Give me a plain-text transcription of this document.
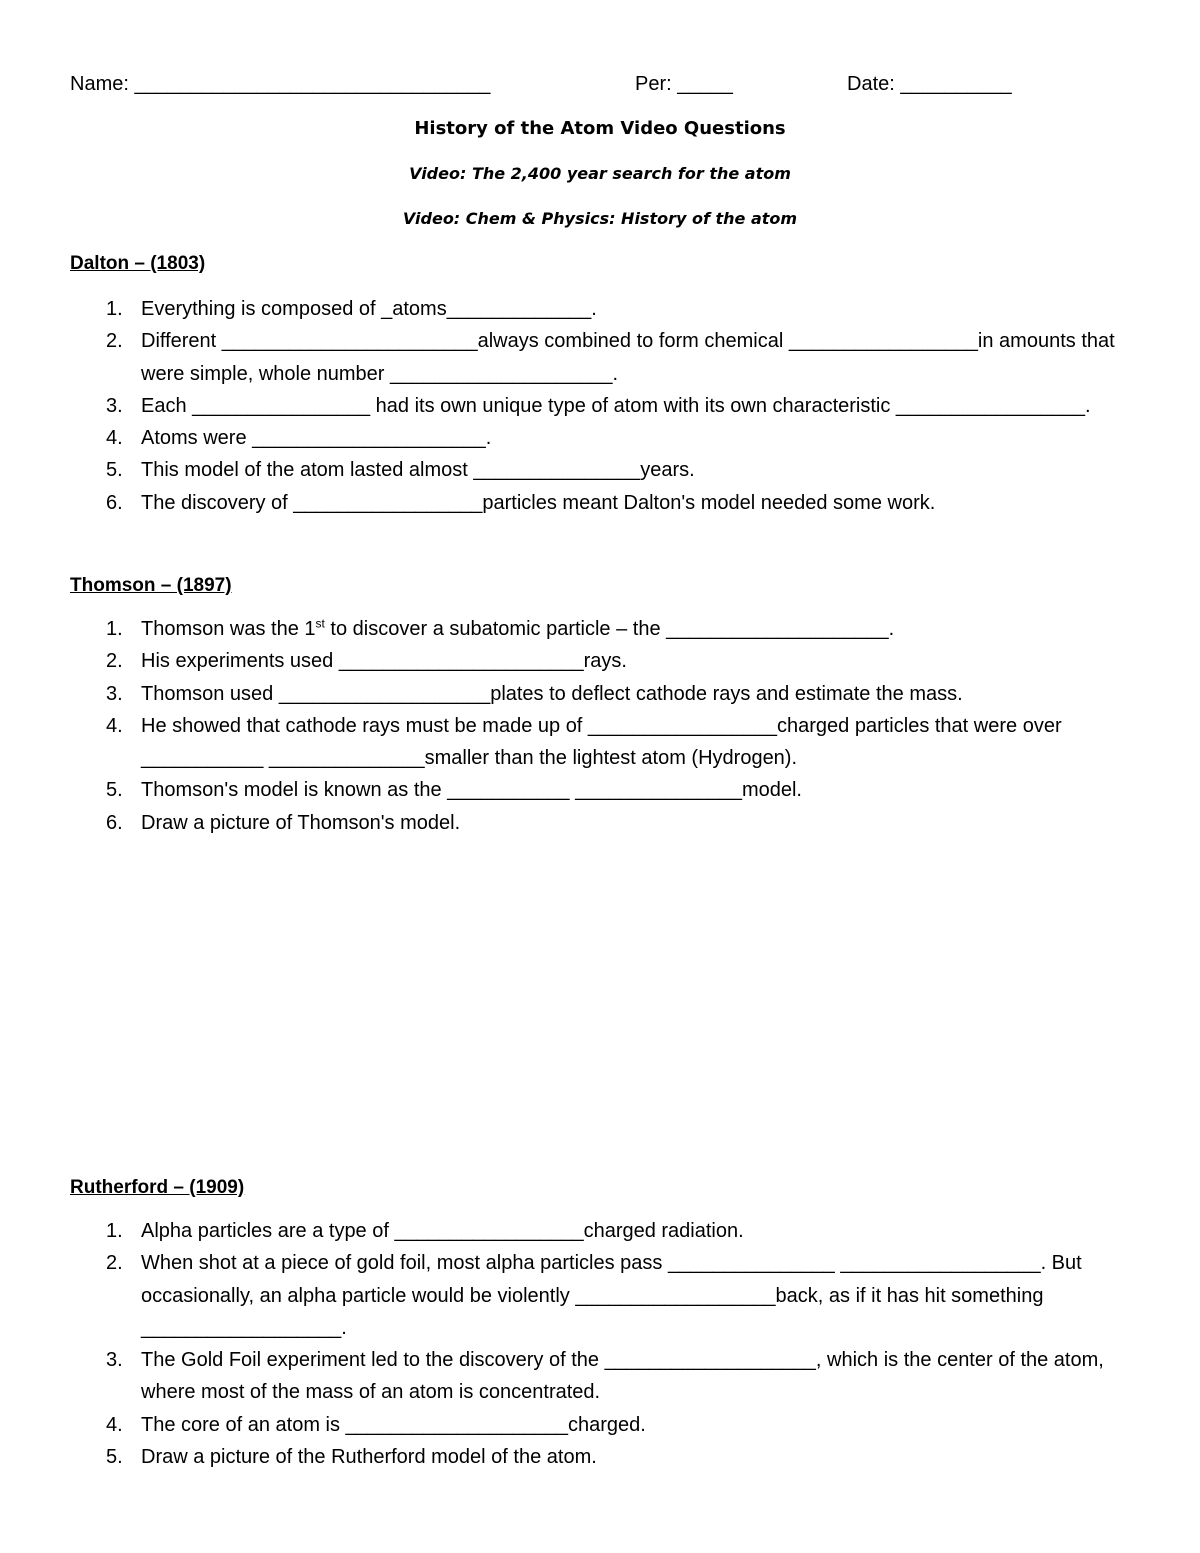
Name: ________________________________	Per: _____	Date: __________
History of the Atom Video Questions
Video: The 2,400 year search for the atom
Video: Chem & Physics: History of the atom
Dalton – (1803)
1. Everything is composed of _atoms_____________.
2. Different _______________________always combined to form chemical _________________in amounts that were simple, whole number ____________________.
3. Each ________________ had its own unique type of atom with its own characteristic _________________.
4. Atoms were _____________________.
5. This model of the atom lasted almost _______________years.
6. The discovery of _________________particles meant Dalton's model needed some work.
Thomson – (1897)
1. Thomson was the 1st to discover a subatomic particle – the ____________________.
2. His experiments used ______________________rays.
3. Thomson used ___________________plates to deflect cathode rays and estimate the mass.
4. He showed that cathode rays must be made up of _________________charged particles that were over ___________ ______________smaller than the lightest atom (Hydrogen).
5. Thomson's model is known as the ___________ _______________model.
6. Draw a picture of Thomson's model.
Rutherford – (1909)
1. Alpha particles are a type of _________________charged radiation.
2. When shot at a piece of gold foil, most alpha particles pass _______________ __________________. But occasionally, an alpha particle would be violently __________________back, as if it has hit something __________________.
3. The Gold Foil experiment led to the discovery of the ___________________, which is the center of the atom, where most of the mass of an atom is concentrated.
4. The core of an atom is ____________________charged.
5. Draw a picture of the Rutherford model of the atom.
